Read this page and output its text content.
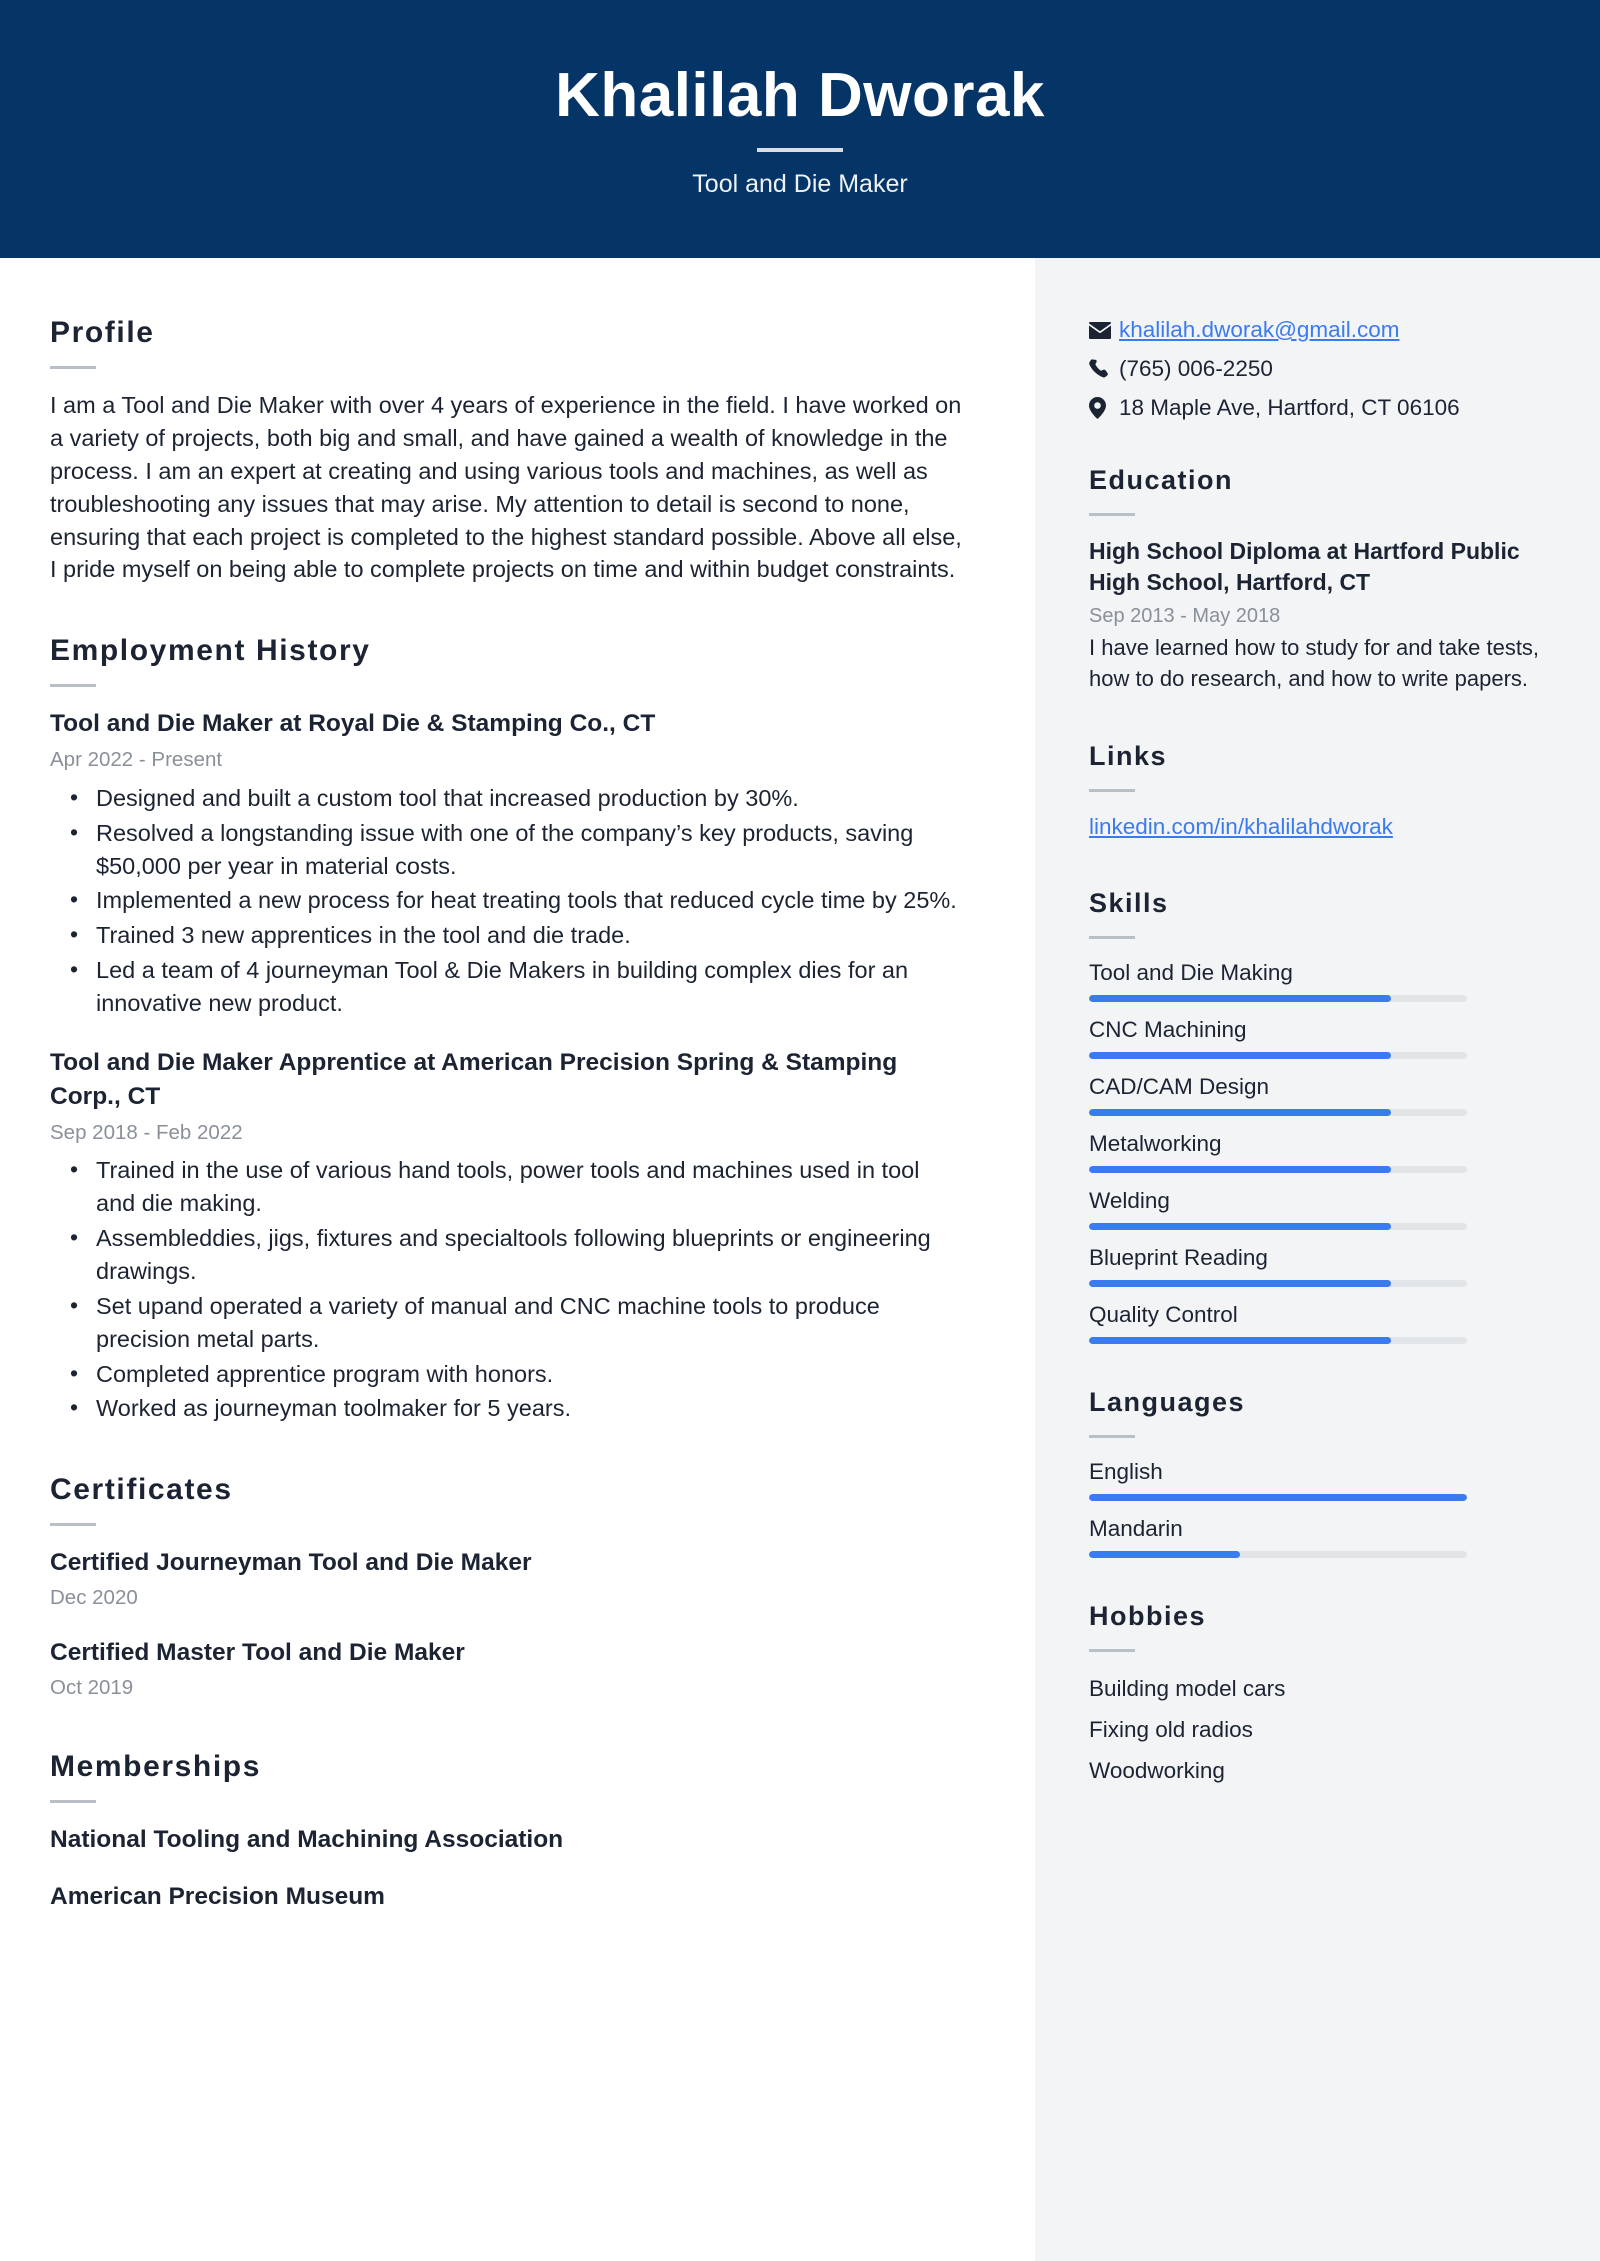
Khalilah Dworak
Tool and Die Maker
Profile
I am a Tool and Die Maker with over 4 years of experience in the field. I have worked on a variety of projects, both big and small, and have gained a wealth of knowledge in the process. I am an expert at creating and using various tools and machines, as well as troubleshooting any issues that may arise. My attention to detail is second to none, ensuring that each project is completed to the highest standard possible. Above all else, I pride myself on being able to complete projects on time and within budget constraints.
Employment History
Tool and Die Maker at Royal Die & Stamping Co., CT
Apr 2022 - Present
• Designed and built a custom tool that increased production by 30%.
• Resolved a longstanding issue with one of the company’s key products, saving $50,000 per year in material costs.
• Implemented a new process for heat treating tools that reduced cycle time by 25%.
• Trained 3 new apprentices in the tool and die trade.
• Led a team of 4 journeyman Tool & Die Makers in building complex dies for an innovative new product.
Tool and Die Maker Apprentice at American Precision Spring & Stamping Corp., CT
Sep 2018 - Feb 2022
• Trained in the use of various hand tools, power tools and machines used in tool and die making.
• Assembleddies, jigs, fixtures and specialtools following blueprints or engineering drawings.
• Set upand operated a variety of manual and CNC machine tools to produce precision metal parts.
• Completed apprentice program with honors.
• Worked as journeyman toolmaker for 5 years.
Certificates
Certified Journeyman Tool and Die Maker
Dec 2020
Certified Master Tool and Die Maker
Oct 2019
Memberships
National Tooling and Machining Association
American Precision Museum
khalilah.dworak@gmail.com
(765) 006-2250
18 Maple Ave, Hartford, CT 06106
Education
High School Diploma at Hartford Public High School, Hartford, CT
Sep 2013 - May 2018
I have learned how to study for and take tests, how to do research, and how to write papers.
Links
linkedin.com/in/khalilahdworak
Skills
Tool and Die Making
CNC Machining
CAD/CAM Design
Metalworking
Welding
Blueprint Reading
Quality Control
Languages
English
Mandarin
Hobbies
Building model cars
Fixing old radios
Woodworking
